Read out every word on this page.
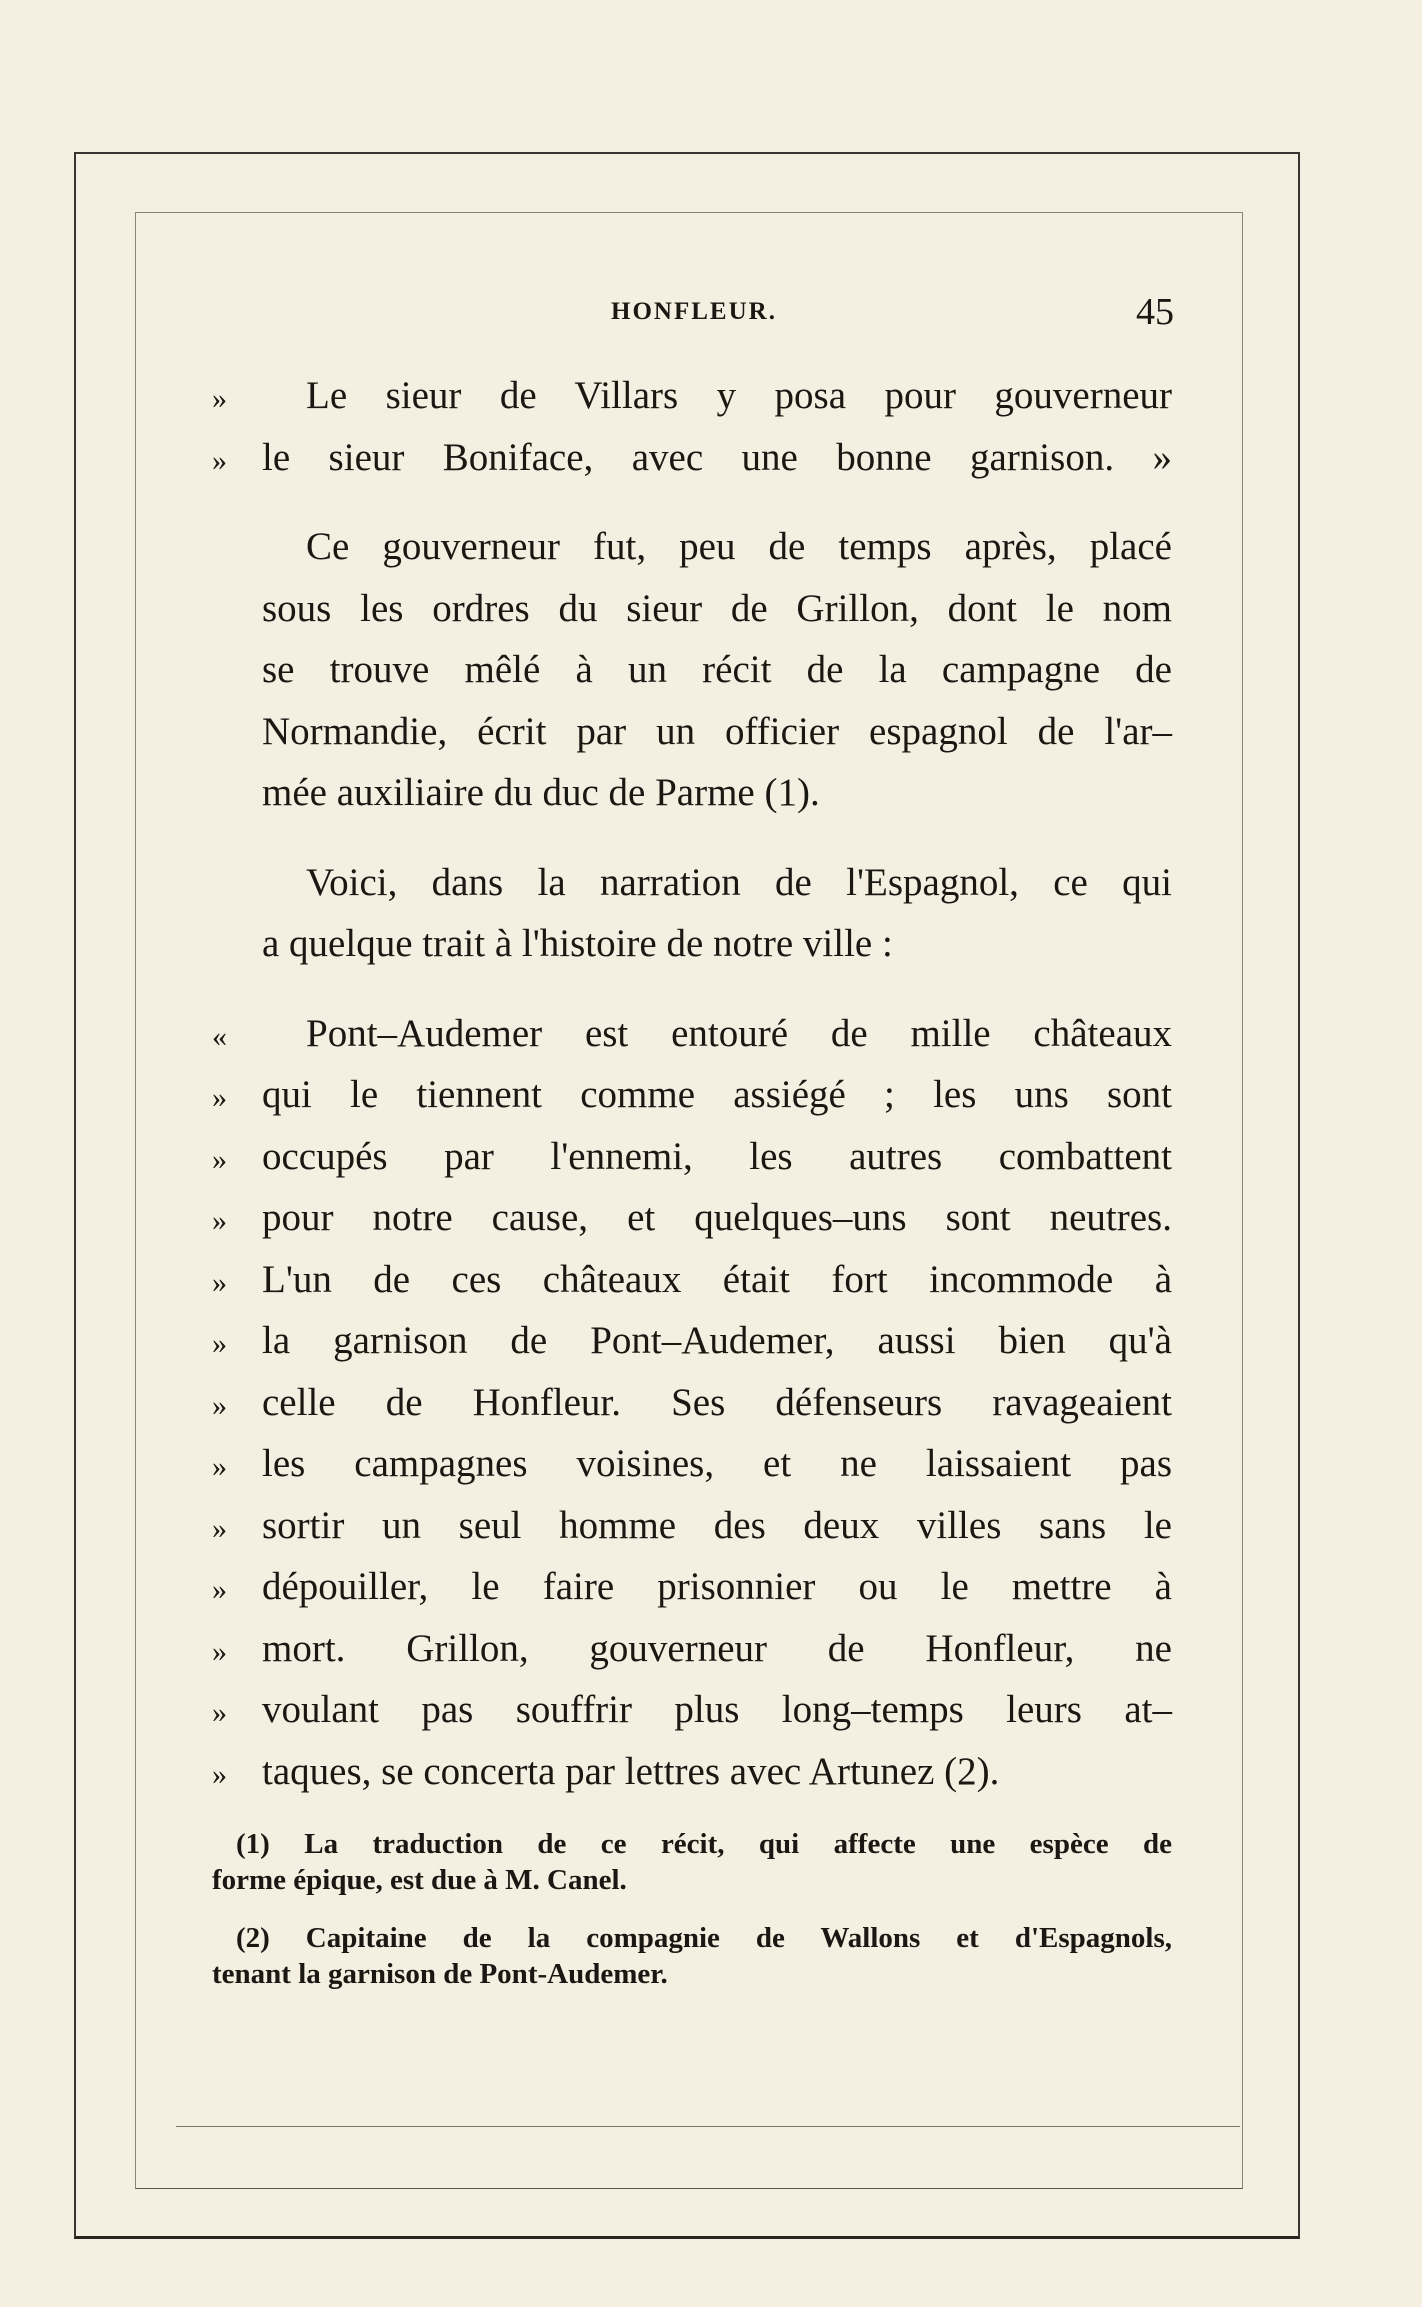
HONFLEUR.	45
»	Le sieur de Villars y posa pour gouverneur
» le sieur Boniface, avec une bonne garnison. »
Ce gouverneur fut, peu de temps après, placé
sous les ordres du sieur de Grillon, dont le nom
se trouve mêlé à un récit de la campagne de
Normandie, écrit par un officier espagnol de l'ar–
mée auxiliaire du duc de Parme (1).
Voici, dans la narration de l'Espagnol, ce qui
a quelque trait à l'histoire de notre ville :
«	Pont–Audemer est entouré de mille châteaux
» qui le tiennent comme assiégé ; les uns sont
» occupés par l'ennemi, les autres combattent
» pour notre cause, et quelques–uns sont neutres.
» L'un de ces châteaux était fort incommode à
» la garnison de Pont–Audemer, aussi bien qu'à
» celle de Honfleur. Ses défenseurs ravageaient
» les campagnes voisines, et ne laissaient pas
» sortir un seul homme des deux villes sans le
» dépouiller, le faire prisonnier ou le mettre à
» mort. Grillon, gouverneur de Honfleur, ne
» voulant pas souffrir plus long–temps leurs at–
» taques, se concerta par lettres avec Artunez (2).
(1) La traduction de ce récit, qui affecte une espèce de
forme épique, est due à M. Canel.
(2) Capitaine de la compagnie de Wallons et d'Espagnols,
tenant la garnison de Pont-Audemer.
